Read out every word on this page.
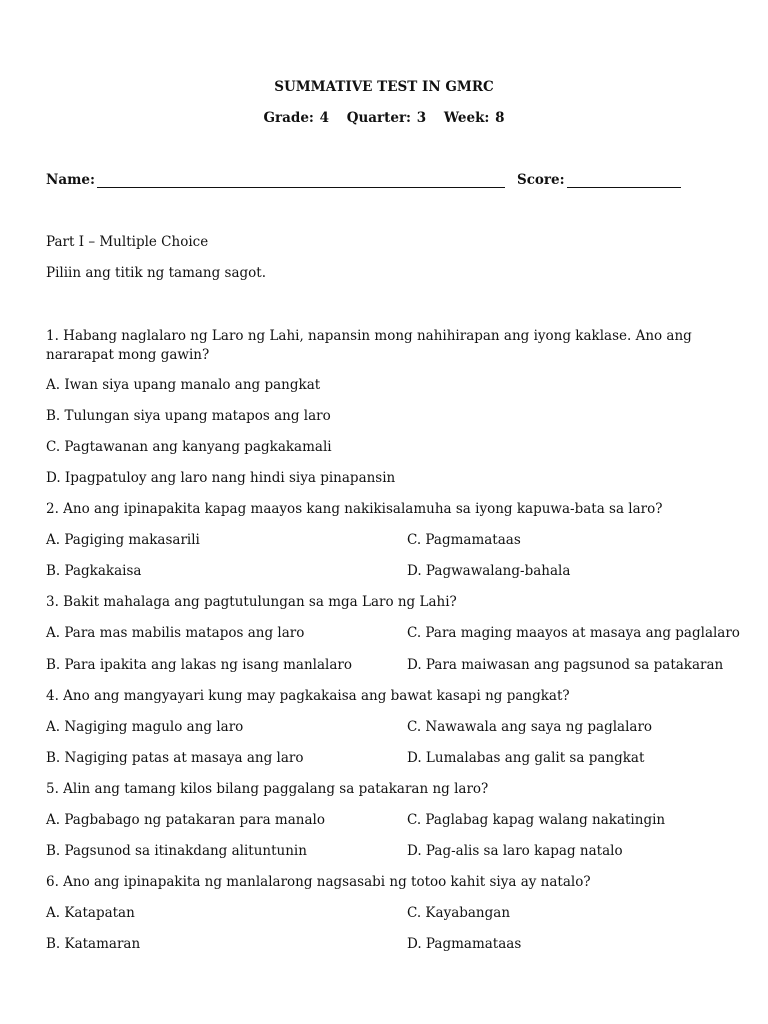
SUMMATIVE TEST IN GMRC
Grade: 4 Quarter: 3 Week: 8
Name:	Score:
Part I – Multiple Choice
Piliin ang titik ng tamang sagot.
1. Habang naglalaro ng Laro ng Lahi, napansin mong nahihirapan ang iyong kaklase. Ano ang nararapat mong gawin?
A. Iwan siya upang manalo ang pangkat
B. Tulungan siya upang matapos ang laro
C. Pagtawanan ang kanyang pagkakamali
D. Ipagpatuloy ang laro nang hindi siya pinapansin
2. Ano ang ipinapakita kapag maayos kang nakikisalamuha sa iyong kapuwa-bata sa laro?
A. Pagiging makasarili	C. Pagmamataas
B. Pagkakaisa	D. Pagwawalang-bahala
3. Bakit mahalaga ang pagtutulungan sa mga Laro ng Lahi?
A. Para mas mabilis matapos ang laro	C. Para maging maayos at masaya ang paglalaro
B. Para ipakita ang lakas ng isang manlalaro	D. Para maiwasan ang pagsunod sa patakaran
4. Ano ang mangyayari kung may pagkakaisa ang bawat kasapi ng pangkat?
A. Nagiging magulo ang laro	C. Nawawala ang saya ng paglalaro
B. Nagiging patas at masaya ang laro	D. Lumalabas ang galit sa pangkat
5. Alin ang tamang kilos bilang paggalang sa patakaran ng laro?
A. Pagbabago ng patakaran para manalo	C. Paglabag kapag walang nakatingin
B. Pagsunod sa itinakdang alituntunin	D. Pag-alis sa laro kapag natalo
6. Ano ang ipinapakita ng manlalarong nagsasabi ng totoo kahit siya ay natalo?
A. Katapatan	C. Kayabangan
B. Katamaran	D. Pagmamataas
